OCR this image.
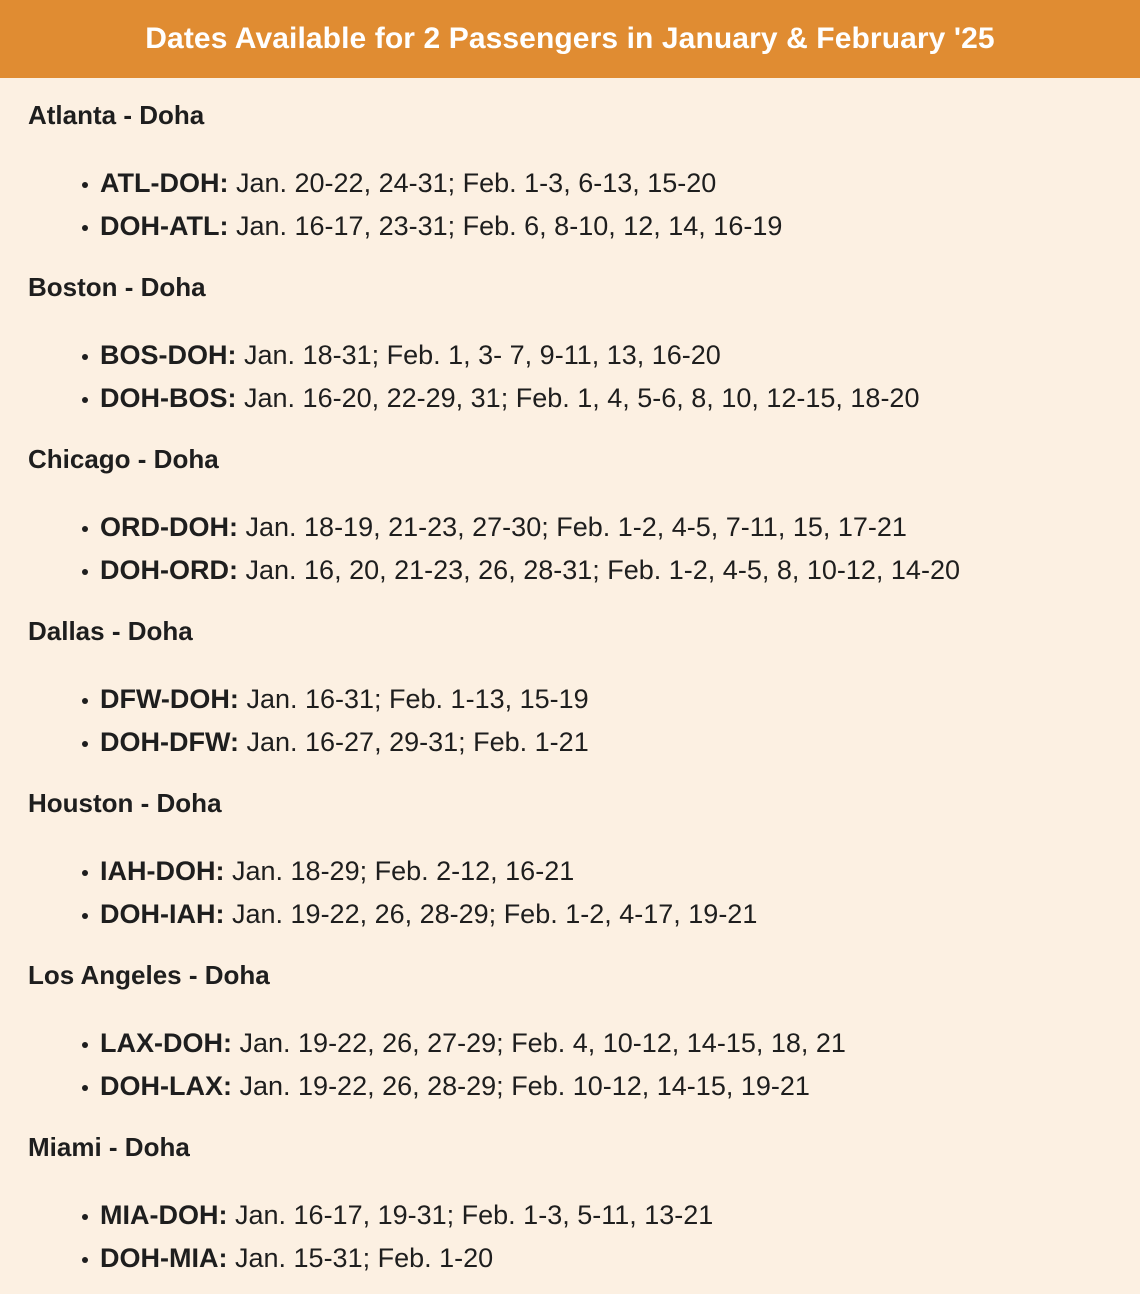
Dates Available for 2 Passengers in January & February '25
Atlanta - Doha
ATL-DOH: Jan. 20-22, 24-31; Feb. 1-3, 6-13, 15-20
DOH-ATL: Jan. 16-17, 23-31; Feb. 6, 8-10, 12, 14, 16-19
Boston - Doha
BOS-DOH: Jan. 18-31; Feb. 1, 3- 7, 9-11, 13, 16-20
DOH-BOS: Jan. 16-20, 22-29, 31; Feb. 1, 4, 5-6, 8, 10, 12-15, 18-20
Chicago - Doha
ORD-DOH: Jan. 18-19, 21-23, 27-30; Feb. 1-2, 4-5, 7-11, 15, 17-21
DOH-ORD: Jan. 16, 20, 21-23, 26, 28-31; Feb. 1-2, 4-5, 8, 10-12, 14-20
Dallas - Doha
DFW-DOH: Jan. 16-31; Feb. 1-13, 15-19
DOH-DFW: Jan. 16-27, 29-31; Feb. 1-21
Houston - Doha
IAH-DOH: Jan. 18-29; Feb. 2-12, 16-21
DOH-IAH: Jan. 19-22, 26, 28-29; Feb. 1-2, 4-17, 19-21
Los Angeles - Doha
LAX-DOH: Jan. 19-22, 26, 27-29; Feb. 4, 10-12, 14-15, 18, 21
DOH-LAX: Jan. 19-22, 26, 28-29; Feb. 10-12, 14-15, 19-21
Miami - Doha
MIA-DOH: Jan. 16-17, 19-31; Feb. 1-3, 5-11, 13-21
DOH-MIA: Jan. 15-31; Feb. 1-20
